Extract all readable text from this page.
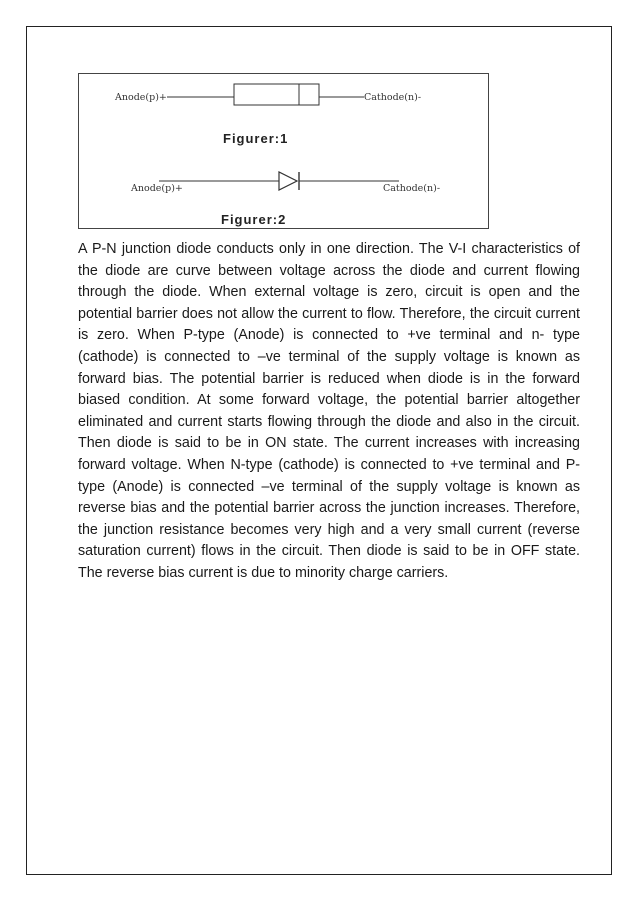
Anode(p)+	Cathode(n)-
Figurer:1
Anode(p)+	Cathode(n)-
Figurer:2

A P-N junction diode conducts only in one direction. The V-I characteristics of the diode are curve between voltage across the diode and current flowing through the diode. When external voltage is zero, circuit is open and the potential barrier does not allow the current to flow. Therefore, the circuit current is zero. When P-type (Anode) is connected to +ve terminal and n- type (cathode) is connected to –ve terminal of the supply voltage is known as forward bias. The potential barrier is reduced when diode is in the forward biased condition. At some forward voltage, the potential barrier altogether eliminated and current starts flowing through the diode and also in the circuit. Then diode is said to be in ON state. The current increases with increasing forward voltage. When N-type (cathode) is connected to +ve terminal and P-type (Anode) is connected –ve terminal of the supply voltage is known as reverse bias and the potential barrier across the junction increases. Therefore, the junction resistance becomes very high and a very small current (reverse saturation current) flows in the circuit. Then diode is said to be in OFF state. The reverse bias current is due to minority charge carriers.
